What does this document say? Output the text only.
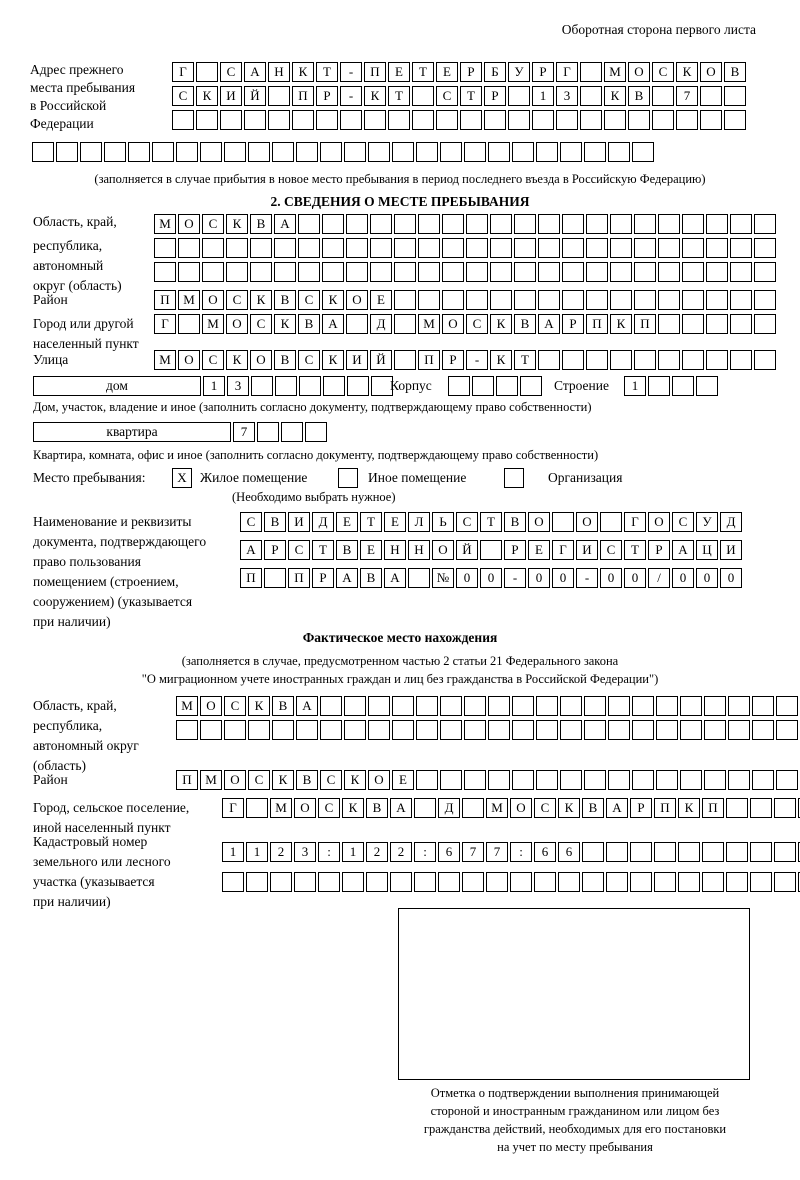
Оборотная сторона первого листа
Адрес прежнего
места пребывания
в Российской
Федерации
Г	С	А	Н	К	Т	-	П	Е	Т	Е	Р	Б	У	Р	Г	М	О	С	К	О	В
С	К	И	Й	П	Р	-	К	Т	С	Т	Р	1	3	К	В	7
(заполняется в случае прибытия в новое место пребывания в период последнего въезда в Российскую Федерацию)
2. СВЕДЕНИЯ О МЕСТЕ ПРЕБЫВАНИЯ
Область, край,
республика,
автономный
округ (область)
М	О	С	К	В	А
Район	П	М	О	С	К	В	С	К	О	Е
Город или другой
населенный пункт
Г	М	О	С	К	В	А	Д	М	О	С	К	В	А	Р	П	К	П
Улица	М	О	С	К	О	В	С	К	И	Й	П	Р	-	К	Т
дом	1	3	Корпус	Строение	1
Дом, участок, владение и иное (заполнить согласно документу, подтверждающему право собственности)
квартира	7
Квартира, комната, офис и иное (заполнить согласно документу, подтверждающему право собственности)
Место пребывания:	Х Жилое помещение	Иное помещение	Организация
(Необходимо выбрать нужное)
Наименование и реквизиты
документа, подтверждающего
право пользования
помещением (строением,
сооружением) (указывается
при наличии)
С	В	И	Д	Е	Т	Е	Л	Ь	С	Т	В	О	О	Г	О	С	У	Д
А	Р	С	Т	В	Е	Н	Н	О	Й	Р	Е	Г	И	С	Т	Р	А	Ц	И
П	П	Р	А	В	А	№	0	0	-	0	0	-	0	0	/	0	0	0
Фактическое место нахождения
(заполняется в случае, предусмотренном частью 2 статьи 21 Федерального закона
"О миграционном учете иностранных граждан и лиц без гражданства в Российской Федерации")
Область, край,
республика,
автономный округ
(область)
М	О	С	К	В	А
Район	П	М	О	С	К	В	С	К	О	Е
Город, сельское поселение,
иной населенный пункт
Г	М	О	С	К	В	А	Д	М	О	С	К	В	А	Р	П	К	П
Кадастровый номер
земельного или лесного
участка (указывается
при наличии)
1	1	2	3	:	1	2	2	:	6	7	7	:	6	6
Отметка о подтверждении выполнения принимающей
стороной и иностранным гражданином или лицом без
гражданства действий, необходимых для его постановки
на учет по месту пребывания
